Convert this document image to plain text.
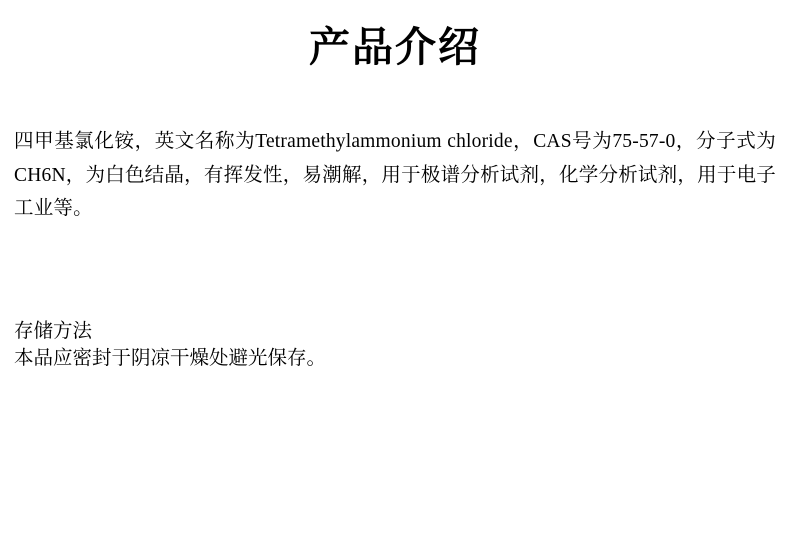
产品介绍

四甲基氯化铵，英文名称为Tetramethylammonium chloride，CAS号为75-57-0，分子式为CH6N，为白色结晶，有挥发性，易潮解，用于极谱分析试剂，化学分析试剂，用于电子工业等。

存储方法

本品应密封于阴凉干燥处避光保存。
